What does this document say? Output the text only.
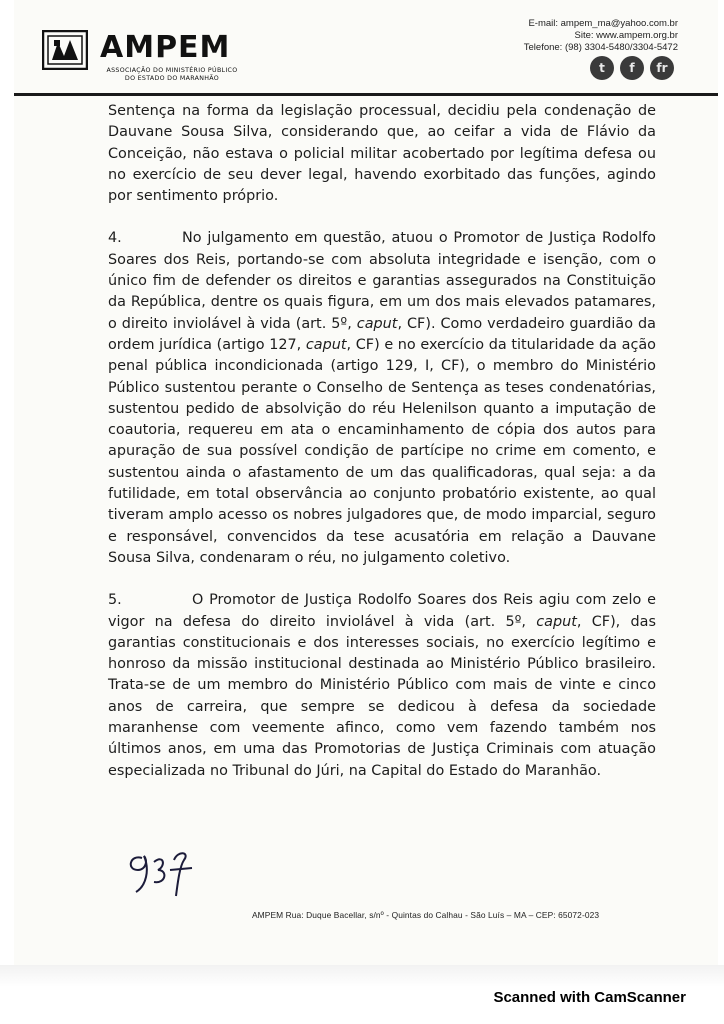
AMPEM
ASSOCIAÇÃO DO MINISTÉRIO PÚBLICO DO ESTADO DO MARANHÃO
E-mail: ampem_ma@yahoo.com.br
Site: www.ampem.org.br
Telefone: (98) 3304-5480/3304-5472
t	f	fr

Sentença na forma da legislação processual, decidiu pela condenação de Dauvane Sousa Silva, considerando que, ao ceifar a vida de Flávio da Conceição, não estava o policial militar acobertado por legítima defesa ou no exercício de seu dever legal, havendo exorbitado das funções, agindo por sentimento próprio.

4.	No julgamento em questão, atuou o Promotor de Justiça Rodolfo Soares dos Reis, portando-se com absoluta integridade e isenção, com o único fim de defender os direitos e garantias assegurados na Constituição da República, dentre os quais figura, em um dos mais elevados patamares, o direito inviolável à vida (art. 5º, caput, CF). Como verdadeiro guardião da ordem jurídica (artigo 127, caput, CF) e no exercício da titularidade da ação penal pública incondicionada (artigo 129, I, CF), o membro do Ministério Público sustentou perante o Conselho de Sentença as teses condenatórias, sustentou pedido de absolvição do réu Helenilson quanto a imputação de coautoria, requereu em ata o encaminhamento de cópia dos autos para apuração de sua possível condição de partícipe no crime em comento, e sustentou ainda o afastamento de um das qualificadoras, qual seja: a da futilidade, em total observância ao conjunto probatório existente, ao qual tiveram amplo acesso os nobres julgadores que, de modo imparcial, seguro e responsável, convencidos da tese acusatória em relação a Dauvane Sousa Silva, condenaram o réu, no julgamento coletivo.

5.	O Promotor de Justiça Rodolfo Soares dos Reis agiu com zelo e vigor na defesa do direito inviolável à vida (art. 5º, caput, CF), das garantias constitucionais e dos interesses sociais, no exercício legítimo e honroso da missão institucional destinada ao Ministério Público brasileiro. Trata-se de um membro do Ministério Público com mais de vinte e cinco anos de carreira, que sempre se dedicou à defesa da sociedade maranhense com veemente afinco, como vem fazendo também nos últimos anos, em uma das Promotorias de Justiça Criminais com atuação especializada no Tribunal do Júri, na Capital do Estado do Maranhão.

AMPEM Rua: Duque Bacellar, s/nº - Quintas do Calhau - São Luís – MA – CEP: 65072-023
Scanned with CamScanner
